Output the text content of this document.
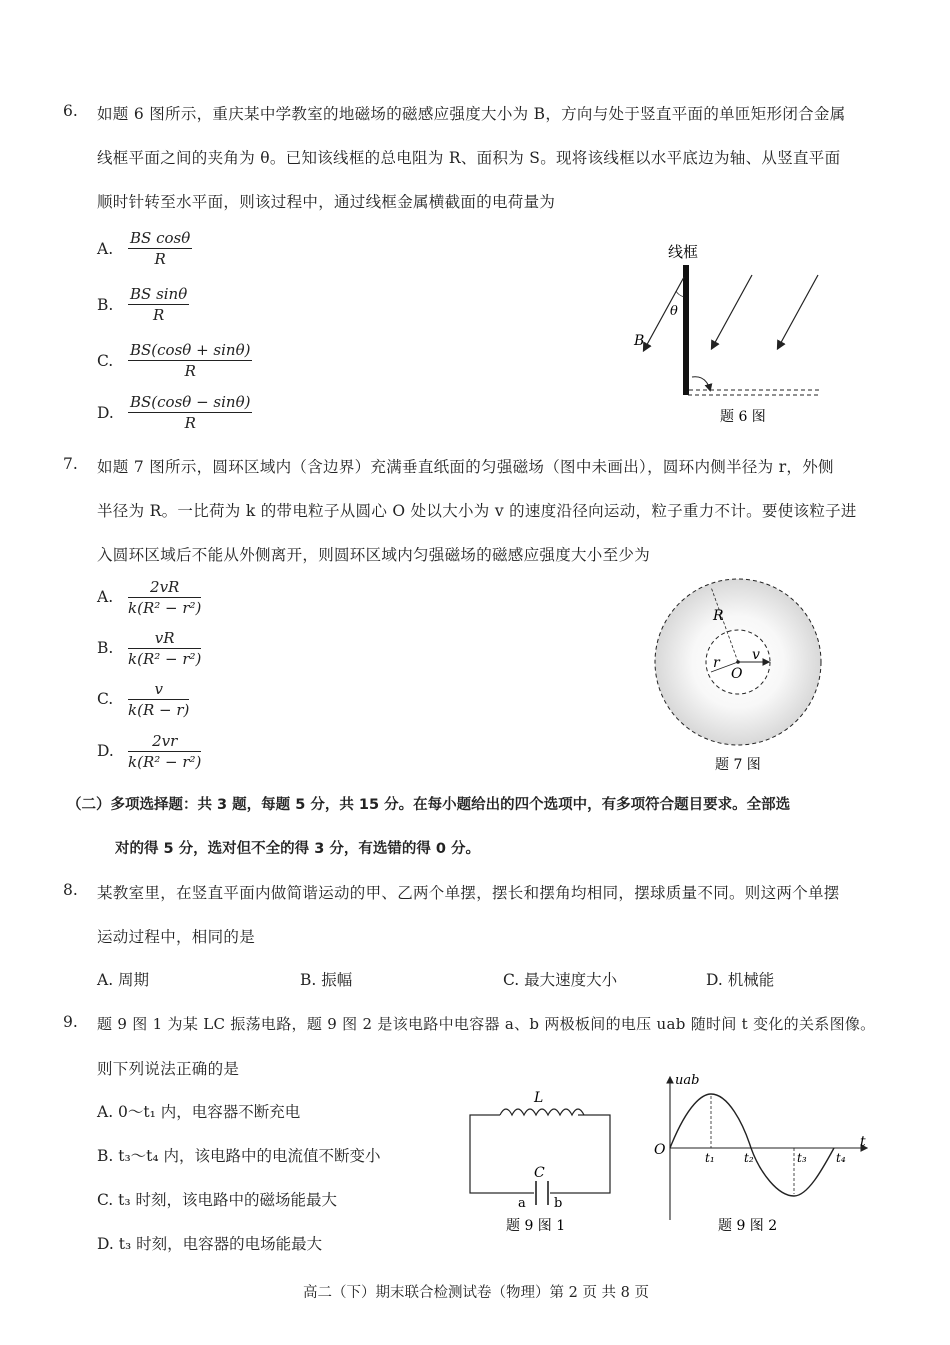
6. 如题 6 图所示，重庆某中学教室的地磁场的磁感应强度大小为 B，方向与处于竖直平面的单匝矩形闭合金属
线框平面之间的夹角为 θ。已知该线框的总电阻为 R、面积为 S。现将该线框以水平底边为轴、从竖直平面
顺时针转至水平面，则该过程中，通过线框金属横截面的电荷量为
A.
BS cosθ
R
B.
BS sinθ
R
C.
BS(cosθ + sinθ)
R
D.
BS(cosθ − sinθ)
R
线框
θ
B
题 6 图
7. 如题 7 图所示，圆环区域内（含边界）充满垂直纸面的匀强磁场（图中未画出），圆环内侧半径为 r，外侧
半径为 R。一比荷为 k 的带电粒子从圆心 O 处以大小为 v 的速度沿径向运动，粒子重力不计。要使该粒子进
入圆环区域后不能从外侧离开，则圆环区域内匀强磁场的磁感应强度大小至少为
A.
2vR
k(R² − r²)
B.
vR
k(R² − r²)
C.
v
k(R − r)
D.
2vr
k(R² − r²)
R
r
O
v
题 7 图
（二）多项选择题：共 3 题，每题 5 分，共 15 分。在每小题给出的四个选项中，有多项符合题目要求。全部选
对的得 5 分，选对但不全的得 3 分，有选错的得 0 分。
8. 某教室里，在竖直平面内做简谐运动的甲、乙两个单摆，摆长和摆角均相同，摆球质量不同。则这两个单摆
运动过程中，相同的是
A. 周期	B. 振幅	C. 最大速度大小	D. 机械能
9. 题 9 图 1 为某 LC 振荡电路，题 9 图 2 是该电路中电容器 a、b 两极板间的电压 uab 随时间 t 变化的关系图像。
则下列说法正确的是
A. 0～t₁ 内，电容器不断充电
B. t₃～t₄ 内，该电路中的电流值不断变小
C. t₃ 时刻，该电路中的磁场能最大
D. t₃ 时刻，电容器的电场能最大
L
C
a b
题 9 图 1
uab
t
O	t₁ t₂	t₃ t₄
题 9 图 2
高二（下）期末联合检测试卷（物理）第 2 页 共 8 页
